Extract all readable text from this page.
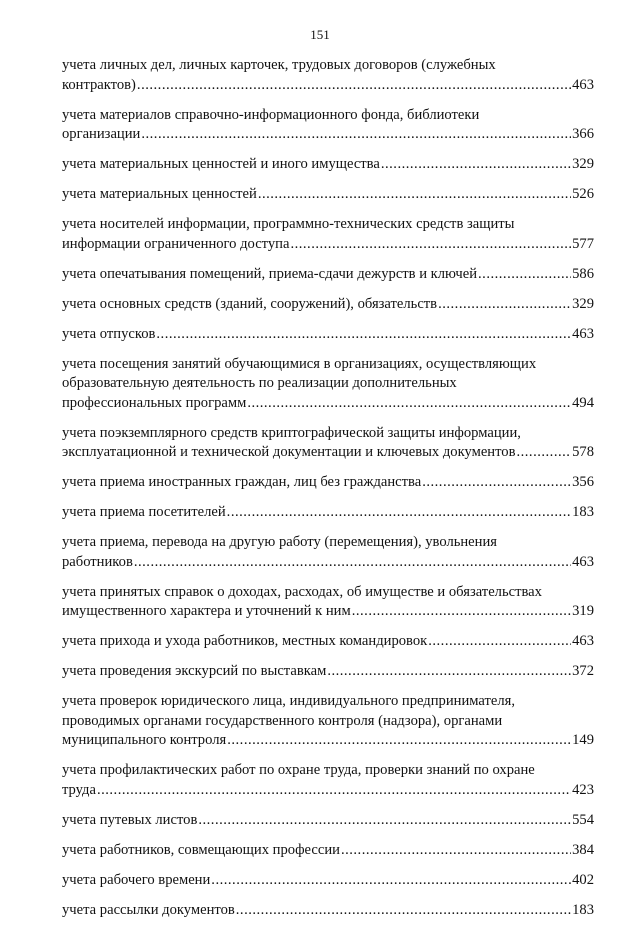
151
учета личных дел, личных карточек, трудовых договоров (служебных
контрактов) .....	463
учета материалов справочно-информационного фонда, библиотеки
организации .....	366
учета материальных ценностей и иного имущества .....	329
учета материальных ценностей .....	526
учета носителей информации, программно-технических средств защиты
информации ограниченного доступа .....	577
учета опечатывания помещений, приема-сдачи дежурств и ключей .....	586
учета основных средств (зданий, сооружений), обязательств .....	329
учета отпусков .....	463
учета посещения занятий обучающимися в организациях, осуществляющих
образовательную деятельность по реализации дополнительных
профессиональных программ .....	494
учета поэкземплярного средств криптографической защиты информации,
эксплуатационной и технической документации и ключевых документов .....	578
учета приема иностранных граждан, лиц без гражданства .....	356
учета приема посетителей .....	183
учета приема, перевода на другую работу (перемещения), увольнения
работников .....	463
учета принятых справок о доходах, расходах, об имуществе и обязательствах
имущественного характера и уточнений к ним .....	319
учета прихода и ухода работников, местных командировок .....	463
учета проведения экскурсий по выставкам .....	372
учета проверок юридического лица, индивидуального предпринимателя,
проводимых органами государственного контроля (надзора), органами
муниципального контроля .....	149
учета профилактических работ по охране труда, проверки знаний по охране
труда .....	423
учета путевых листов .....	554
учета работников, совмещающих профессии .....	384
учета рабочего времени .....	402
учета рассылки документов .....	183
